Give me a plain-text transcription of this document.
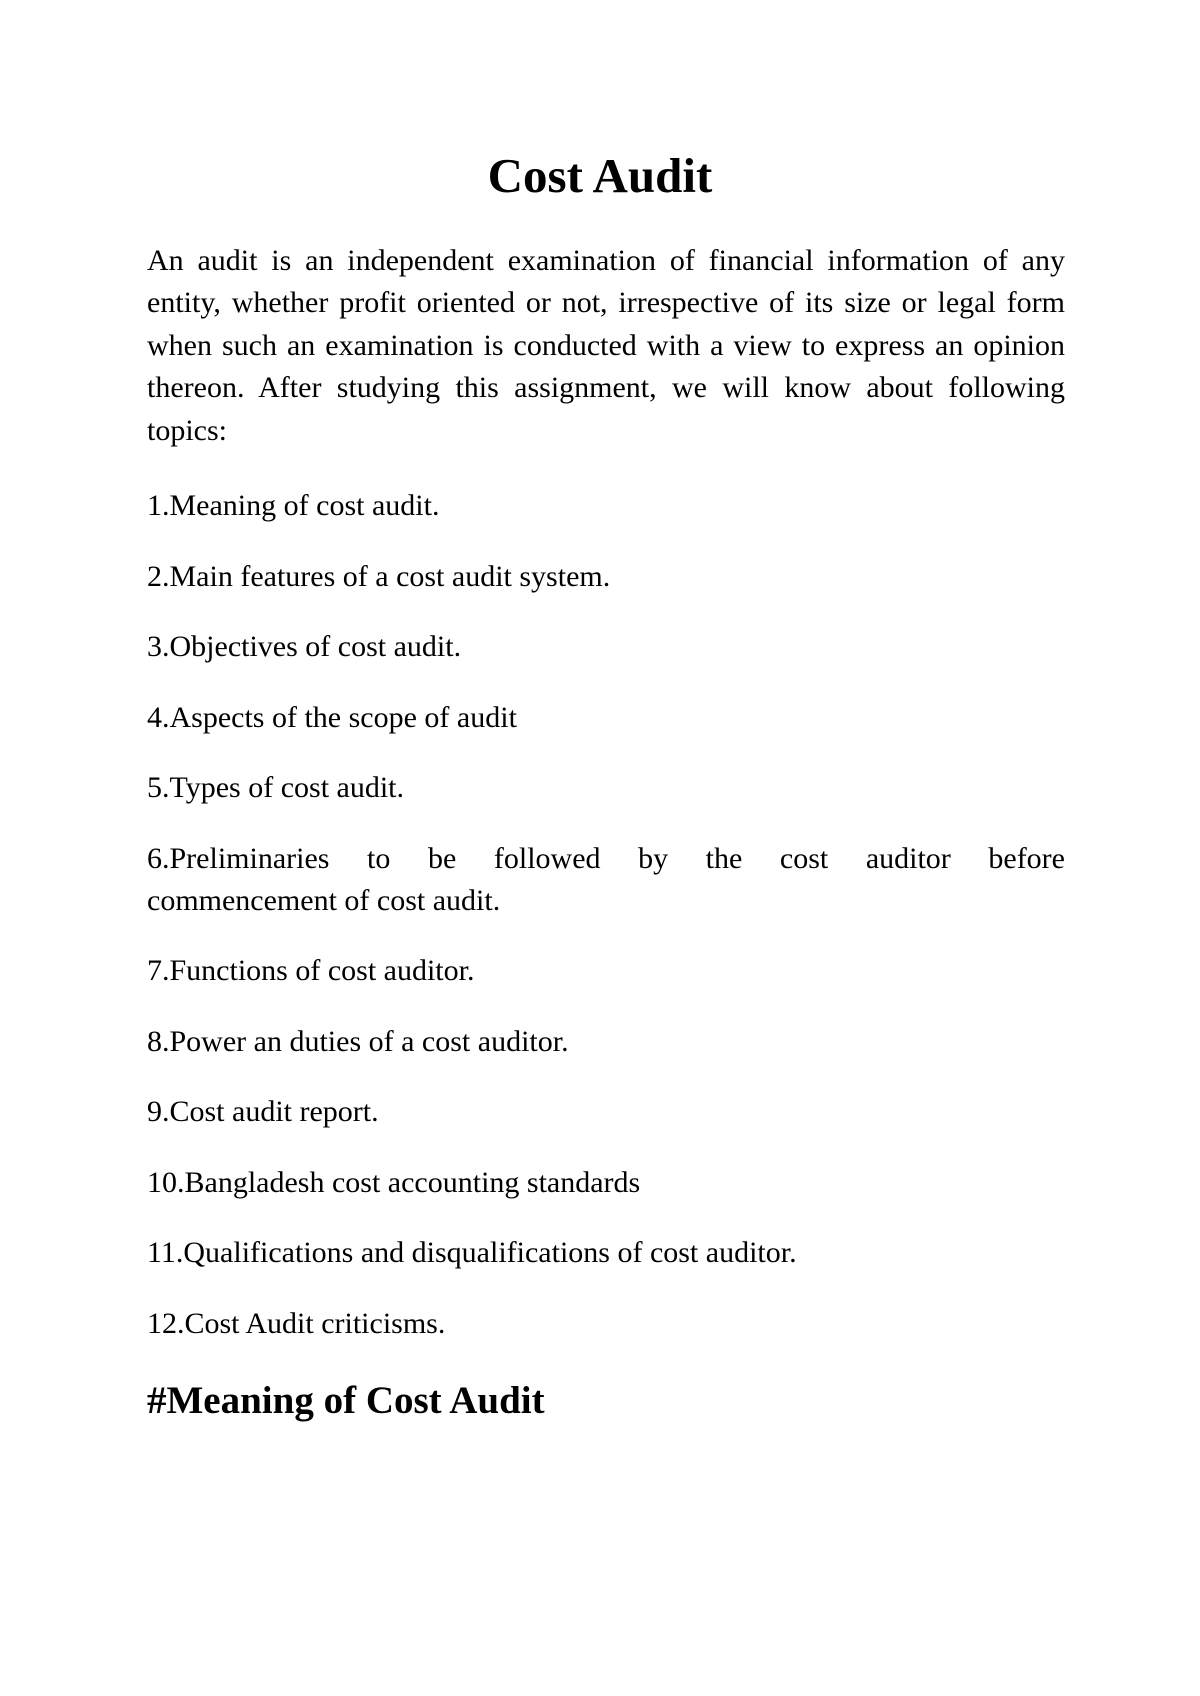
Cost Audit

An audit is an independent examination of financial information of any entity, whether profit oriented or not, irrespective of its size or legal form when such an examination is conducted with a view to express an opinion thereon. After studying this assignment, we will know about following topics:

1.Meaning of cost audit.

2.Main features of a cost audit system.

3.Objectives of cost audit.

4.Aspects of the scope of audit

5.Types of cost audit.

6.Preliminaries to be followed by the cost auditor before

commencement of cost audit.

7.Functions of cost auditor.

8.Power an duties of a cost auditor.

9.Cost audit report.

10.Bangladesh cost accounting standards

11.Qualifications and disqualifications of cost auditor.

12.Cost Audit criticisms.

#Meaning of Cost Audit
